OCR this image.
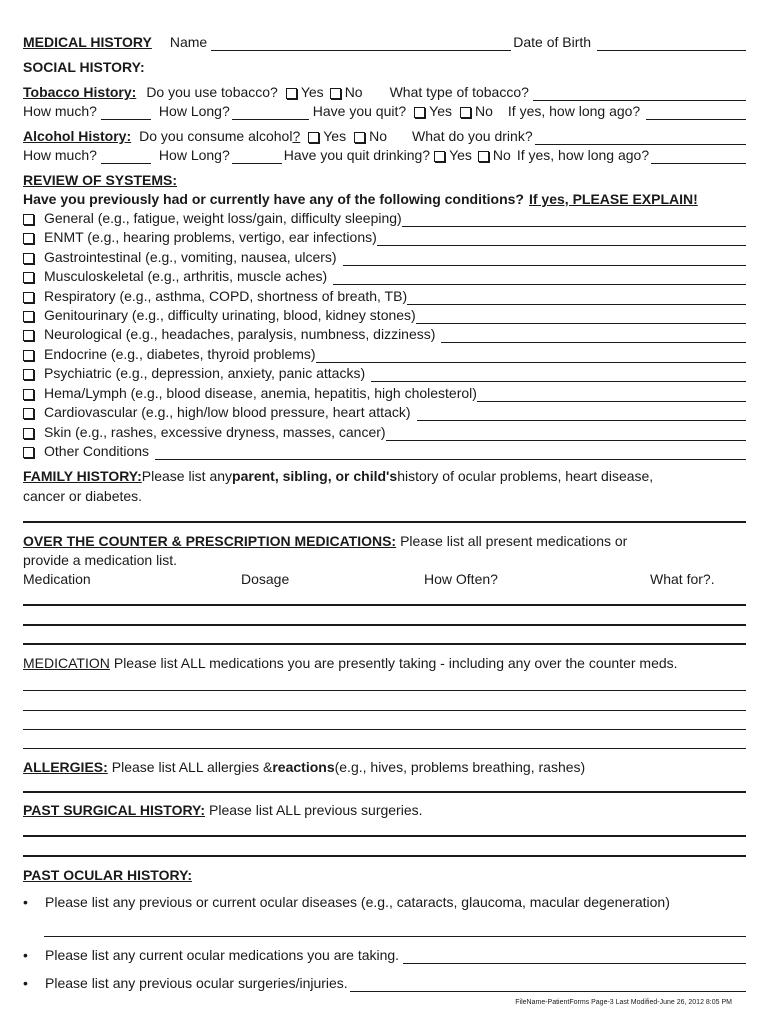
MEDICAL HISTORY Name	Date of Birth
SOCIAL HISTORY:
Tobacco History: Do you use tobacco? Yes No What type of tobacco?
How much?	How Long?	Have you quit? Yes No If yes, how long ago?
Alcohol History: Do you consume alcohol ? Yes No What do you drink?
How much?	How Long?	Have you quit drinking? Yes No If yes, how long ago?
REVIEW OF SYSTEMS:
Have you previously had or currently have any of the following conditions? If yes, PLEASE EXPLAIN!
General (e.g., fatigue, weight loss/gain, difficulty sleeping)
ENMT (e.g., hearing problems, vertigo, ear infections)
Gastrointestinal (e.g., vomiting, nausea, ulcers)
Musculoskeletal (e.g., arthritis, muscle aches)
Respiratory (e.g., asthma, COPD, shortness of breath, TB)
Genitourinary (e.g., difficulty urinating, blood, kidney stones)
Neurological (e.g., headaches, paralysis, numbness, dizziness)
Endocrine (e.g., diabetes, thyroid problems)
Psychiatric (e.g., depression, anxiety, panic attacks)
Hema/Lymph (e.g., blood disease, anemia, hepatitis, high cholesterol)
Cardiovascular (e.g., high/low blood pressure, heart attack)
Skin (e.g., rashes, excessive dryness, masses, cancer)
Other Conditions
FAMILY HISTORY: Please list any parent, sibling, or child's history of ocular problems, heart disease,
cancer or diabetes.
OVER THE COUNTER & PRESCRIPTION MEDICATIONS: Please list all present medications or
provide a medication list.
Medication	Dosage	How Often?	What for?.
MEDICATION Please list ALL medications you are presently taking - including any over the counter meds.
ALLERGIES: Please list ALL allergies & reactions (e.g., hives, problems breathing, rashes)
PAST SURGICAL HISTORY: Please list ALL previous surgeries.
PAST OCULAR HISTORY:
•	Please list any previous or current ocular diseases (e.g., cataracts, glaucoma, macular degeneration)
•	Please list any current ocular medications you are taking.
•	Please list any previous ocular surgeries/injuries.
FileName-PatientForms Page-3 Last Modified-June 26, 2012 8:05 PM
